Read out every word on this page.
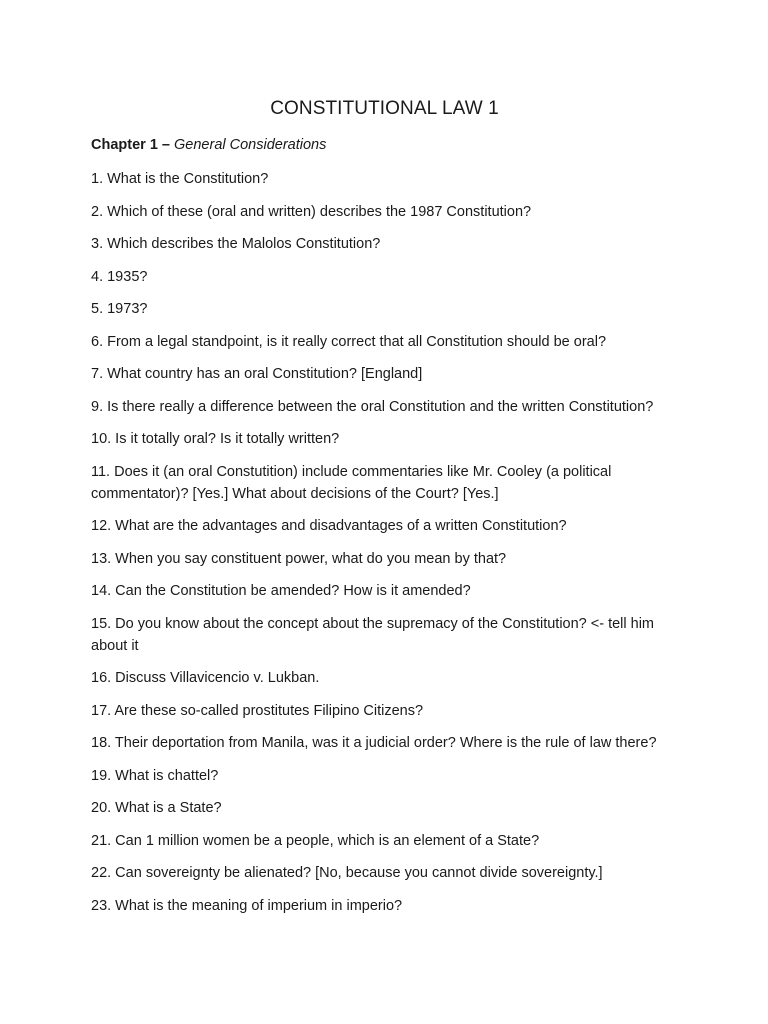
CONSTITUTIONAL LAW 1

Chapter 1 – General Considerations

1. What is the Constitution?
2. Which of these (oral and written) describes the 1987 Constitution?
3. Which describes the Malolos Constitution?
4. 1935?
5. 1973?
6. From a legal standpoint, is it really correct that all Constitution should be oral?
7. What country has an oral Constitution? [England]
9. Is there really a difference between the oral Constitution and the written Constitution?
10. Is it totally oral? Is it totally written?
11. Does it (an oral Constutition) include commentaries like Mr. Cooley (a political commentator)? [Yes.] What about decisions of the Court? [Yes.]
12. What are the advantages and disadvantages of a written Constitution?
13. When you say constituent power, what do you mean by that?
14. Can the Constitution be amended? How is it amended?
15. Do you know about the concept about the supremacy of the Constitution? <- tell him about it
16. Discuss Villavicencio v. Lukban.
17. Are these so-called prostitutes Filipino Citizens?
18. Their deportation from Manila, was it a judicial order? Where is the rule of law there?
19. What is chattel?
20. What is a State?
21. Can 1 million women be a people, which is an element of a State?
22. Can sovereignty be alienated? [No, because you cannot divide sovereignty.]
23. What is the meaning of imperium in imperio?
